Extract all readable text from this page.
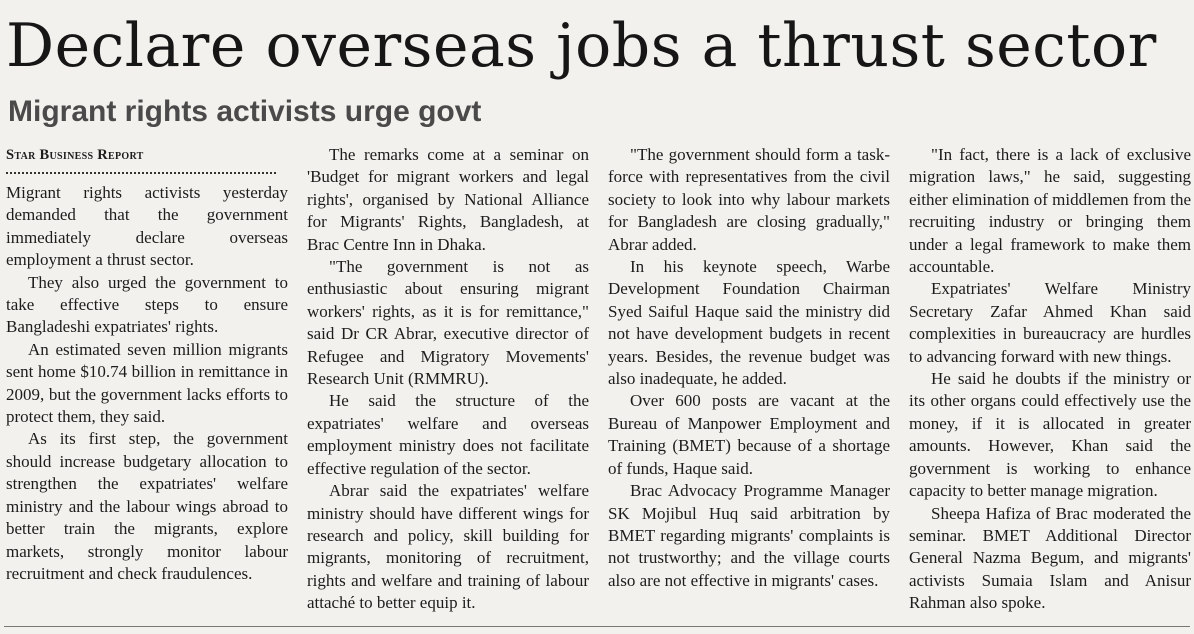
Declare overseas jobs a thrust sector
Migrant rights activists urge govt
Star Business Report

Migrant rights activists yesterday demanded that the government immediately declare overseas employment a thrust sector.

They also urged the government to take effective steps to ensure Bangladeshi expatriates' rights.

An estimated seven million migrants sent home $10.74 billion in remittance in 2009, but the government lacks efforts to protect them, they said.

As its first step, the government should increase budgetary allocation to strengthen the expatriates' welfare ministry and the labour wings abroad to better train the migrants, explore markets, strongly monitor labour recruitment and check fraudulences.

The remarks come at a seminar on 'Budget for migrant workers and legal rights', organised by National Alliance for Migrants' Rights, Bangladesh, at Brac Centre Inn in Dhaka.

"The government is not as enthusiastic about ensuring migrant workers' rights, as it is for remittance," said Dr CR Abrar, executive director of Refugee and Migratory Movements' Research Unit (RMMRU).

He said the structure of the expatriates' welfare and overseas employment ministry does not facilitate effective regulation of the sector.

Abrar said the expatriates' welfare ministry should have different wings for research and policy, skill building for migrants, monitoring of recruitment, rights and welfare and training of labour attaché to better equip it.

"The government should form a task-force with representatives from the civil society to look into why labour markets for Bangladesh are closing gradually," Abrar added.

In his keynote speech, Warbe Development Foundation Chairman Syed Saiful Haque said the ministry did not have development budgets in recent years. Besides, the revenue budget was also inadequate, he added.

Over 600 posts are vacant at the Bureau of Manpower Employment and Training (BMET) because of a shortage of funds, Haque said.

Brac Advocacy Programme Manager SK Mojibul Huq said arbitration by BMET regarding migrants' complaints is not trustworthy; and the village courts also are not effective in migrants' cases.

"In fact, there is a lack of exclusive migration laws," he said, suggesting either elimination of middlemen from the recruiting industry or bringing them under a legal framework to make them accountable.

Expatriates' Welfare Ministry Secretary Zafar Ahmed Khan said complexities in bureaucracy are hurdles to advancing forward with new things.

He said he doubts if the ministry or its other organs could effectively use the money, if it is allocated in greater amounts. However, Khan said the government is working to enhance capacity to better manage migration.

Sheepa Hafiza of Brac moderated the seminar. BMET Additional Director General Nazma Begum, and migrants' activists Sumaia Islam and Anisur Rahman also spoke.
